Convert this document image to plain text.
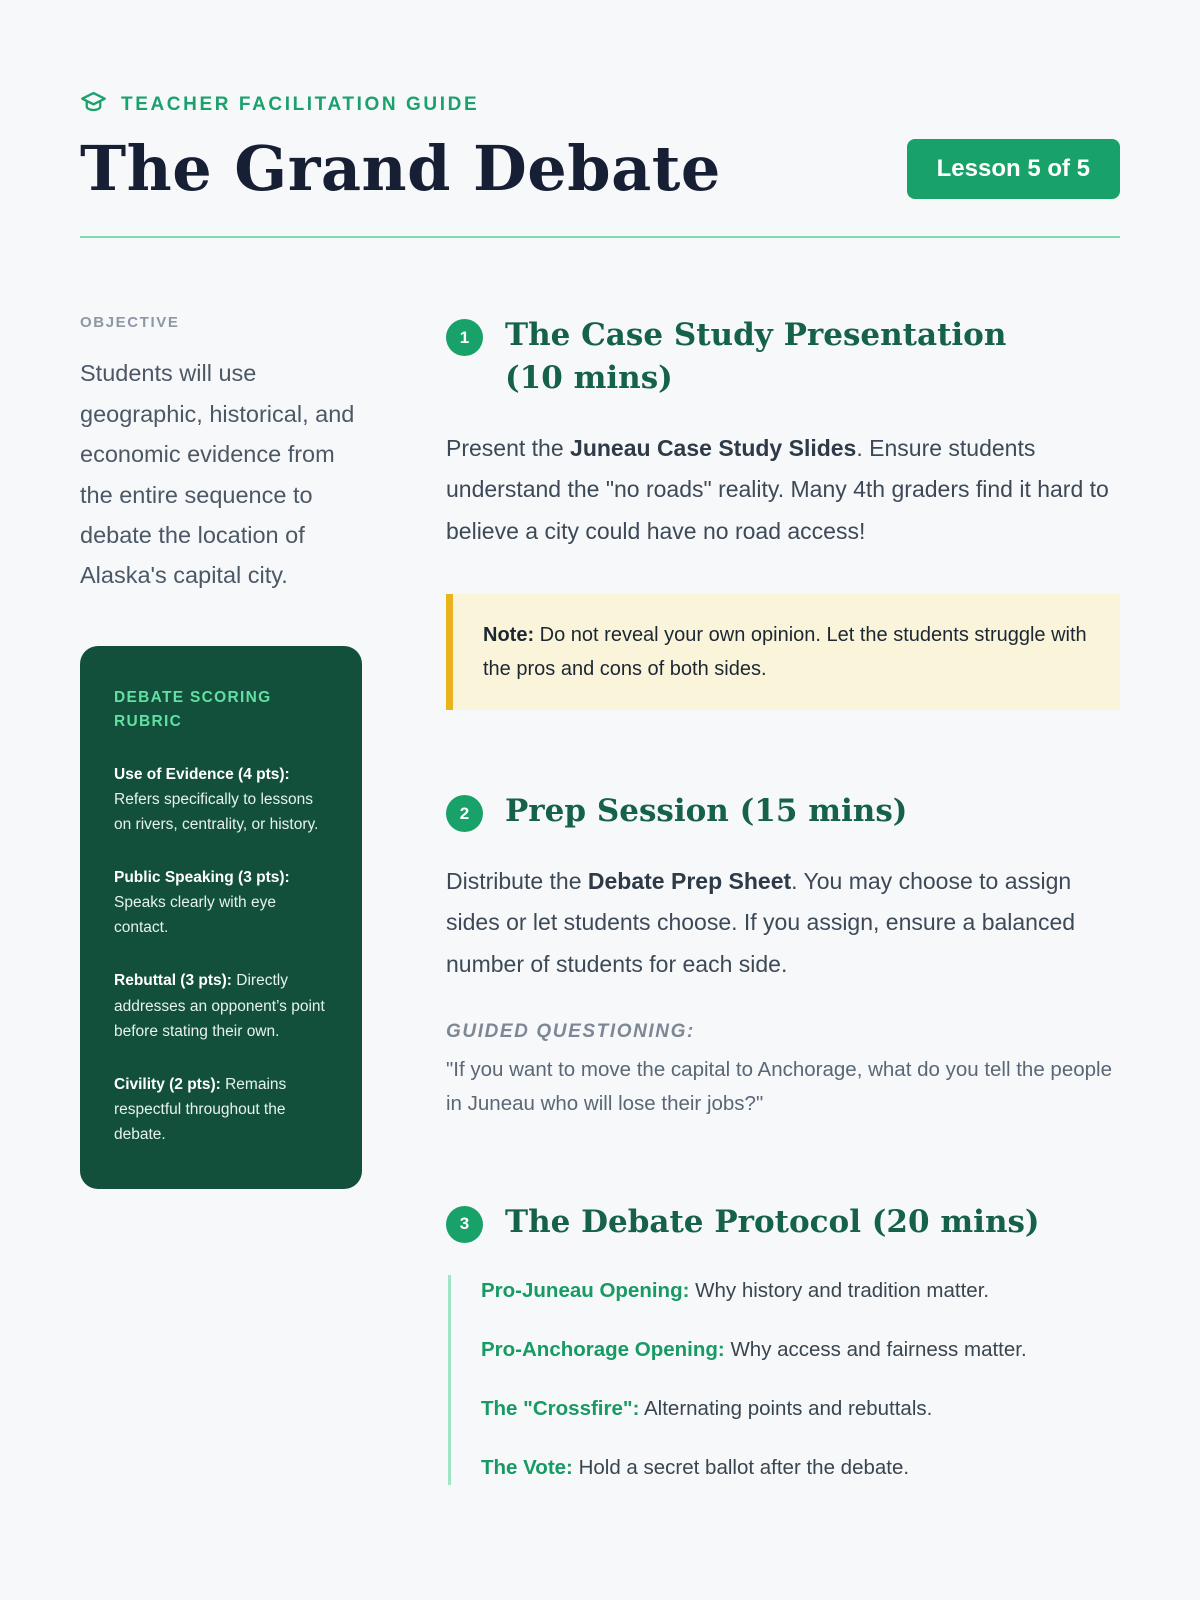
TEACHER FACILITATION GUIDE
The Grand Debate	Lesson 5 of 5
OBJECTIVE

Students will use geographic, historical, and economic evidence from the entire sequence to debate the location of Alaska's capital city.

DEBATE SCORING RUBRIC

Use of Evidence (4 pts): Refers specifically to lessons on rivers, centrality, or history.

Public Speaking (3 pts): Speaks clearly with eye contact.

Rebuttal (3 pts): Directly addresses an opponent’s point before stating their own.

Civility (2 pts): Remains respectful throughout the debate.

1	The Case Study Presentation (10 mins)

Present the Juneau Case Study Slides. Ensure students understand the "no roads" reality. Many 4th graders find it hard to believe a city could have no road access!

Note: Do not reveal your own opinion. Let the students struggle with the pros and cons of both sides.
2	Prep Session (15 mins)

Distribute the Debate Prep Sheet. You may choose to assign sides or let students choose. If you assign, ensure a balanced number of students for each side.

GUIDED QUESTIONING:
"If you want to move the capital to Anchorage, what do you tell the people in Juneau who will lose their jobs?"
3	The Debate Protocol (20 mins)

Pro-Juneau Opening: Why history and tradition matter.

Pro-Anchorage Opening: Why access and fairness matter.

The "Crossfire": Alternating points and rebuttals.

The Vote: Hold a secret ballot after the debate.
